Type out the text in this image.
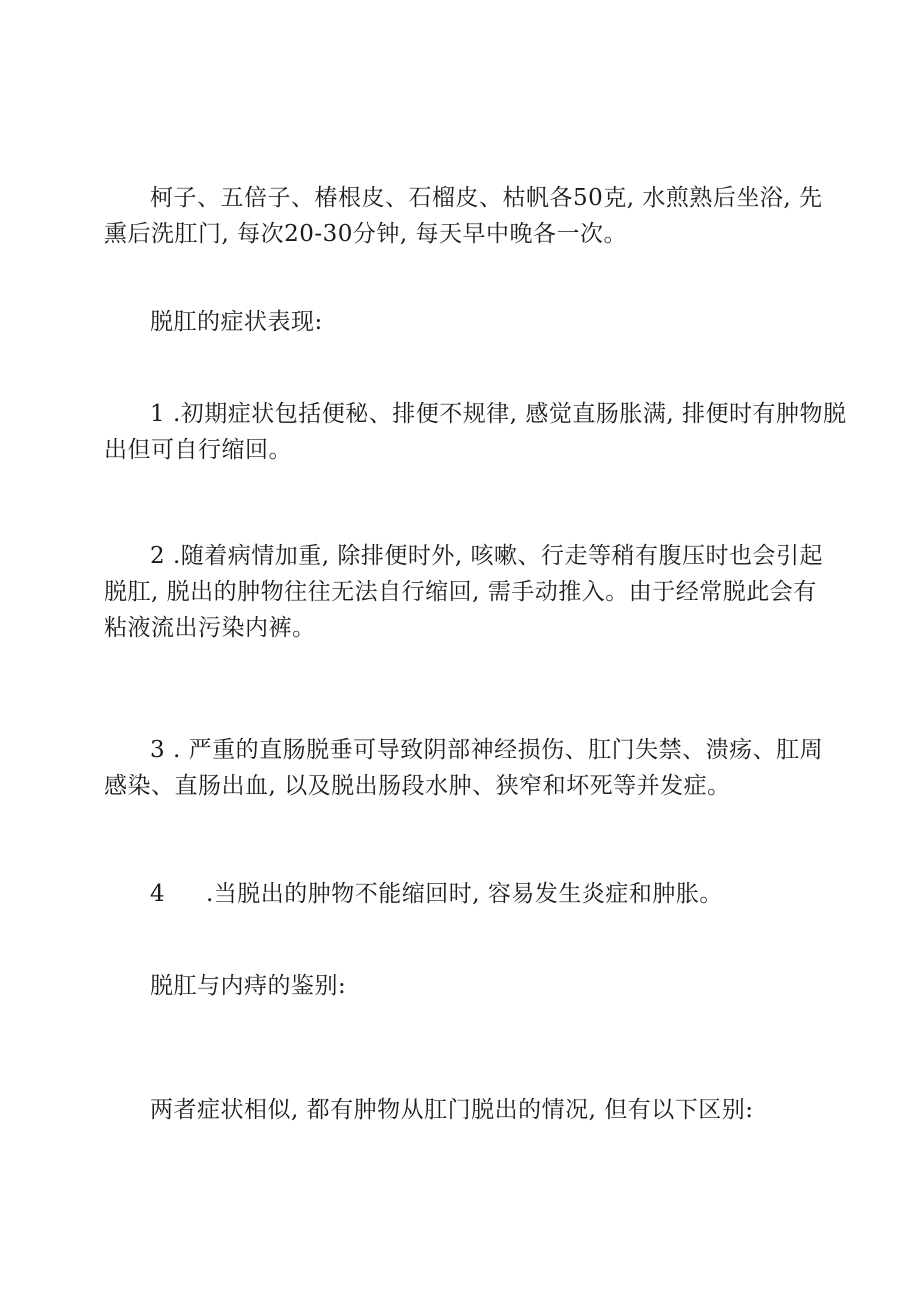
柯子、五倍子、椿根皮、石榴皮、枯帆各50克, 水煎熟后坐浴, 先
熏后洗肛门, 每次20-30分钟, 每天早中晚各一次。
脱肛的症状表现:
1 .初期症状包括便秘、排便不规律, 感觉直肠胀满, 排便时有肿物脱
出但可自行缩回。
2 .随着病情加重, 除排便时外, 咳嗽、行走等稍有腹压时也会引起
脱肛, 脱出的肿物往往无法自行缩回, 需手动推入。由于经常脱此会有
粘液流出污染内裤。
3 . 严重的直肠脱垂可导致阴部神经损伤、肛门失禁、溃疡、肛周
感染、直肠出血, 以及脱出肠段水肿、狭窄和坏死等并发症。
4 .当脱出的肿物不能缩回时, 容易发生炎症和肿胀。
脱肛与内痔的鉴别:
两者症状相似, 都有肿物从肛门脱出的情况, 但有以下区别:
